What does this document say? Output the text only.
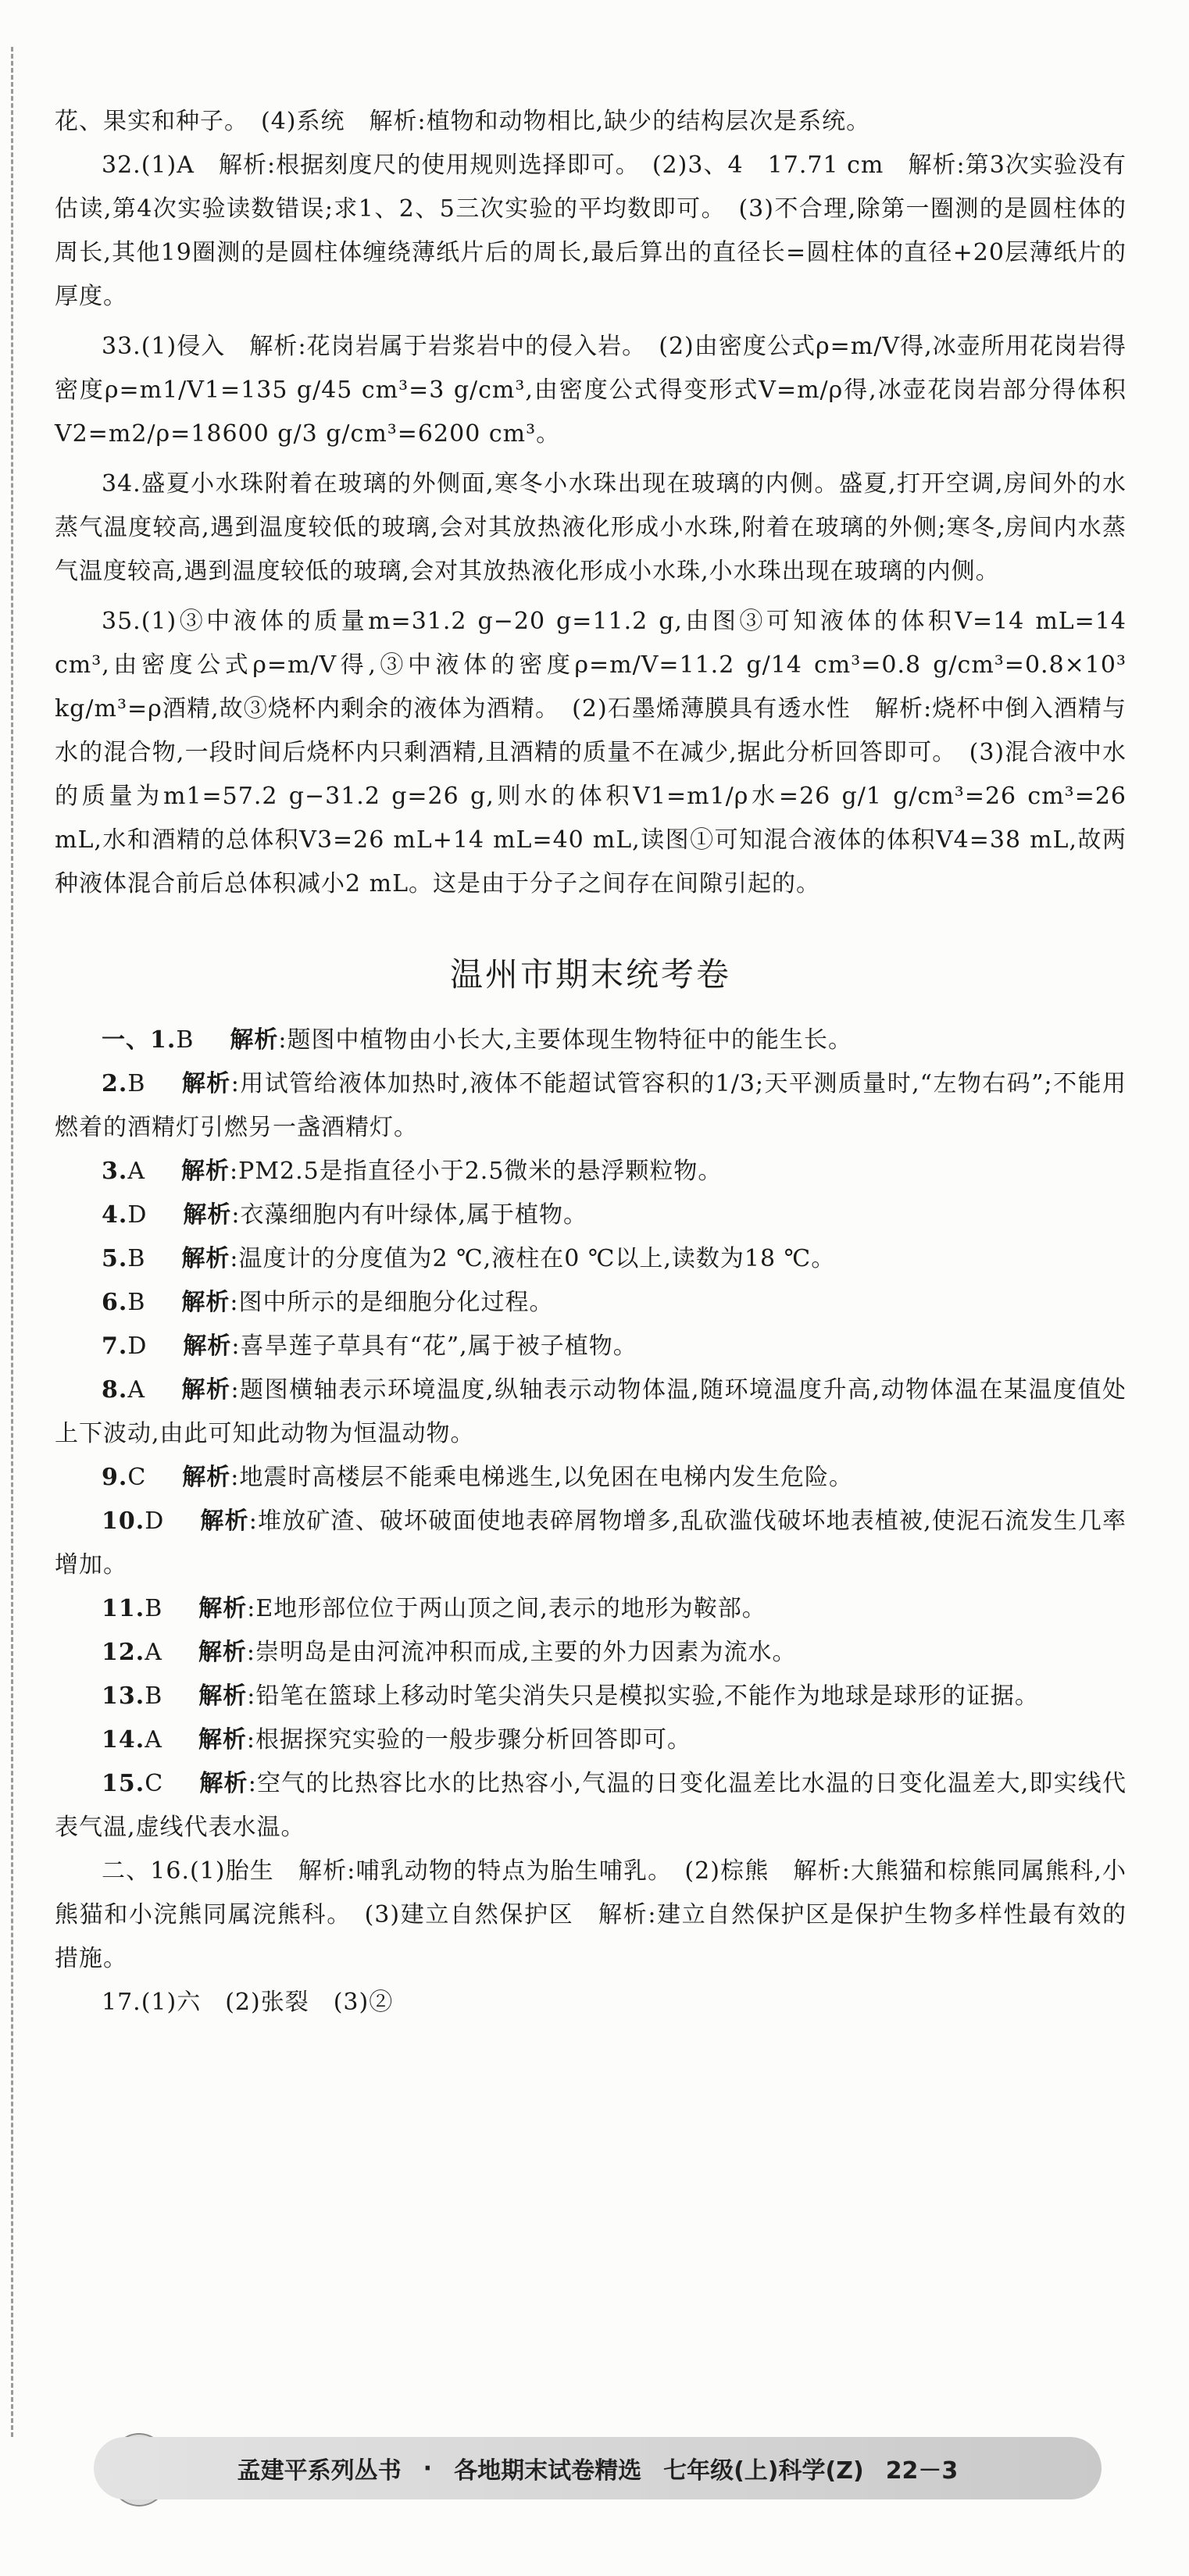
花、果实和种子。　(4)系统　解析:植物和动物相比,缺少的结构层次是系统。

32.(1)A　解析:根据刻度尺的使用规则选择即可。　(2)3、4　17.71 cm　解析:第3次实验没有估读,第4次实验读数错误;求1、2、5三次实验的平均数即可。　(3)不合理,除第一圈测的是圆柱体的周长,其他19圈测的是圆柱体缠绕薄纸片后的周长,最后算出的直径长=圆柱体的直径+20层薄纸片的厚度。

33.(1)侵入　解析:花岗岩属于岩浆岩中的侵入岩。　(2)由密度公式ρ=m/V得,冰壶所用花岗岩得密度ρ=m1/V1=135 g/45 cm³=3 g/cm³,由密度公式得变形式V=m/ρ得,冰壶花岗岩部分得体积V2=m2/ρ=18600 g/3 g/cm³=6200 cm³。

34.盛夏小水珠附着在玻璃的外侧面,寒冬小水珠出现在玻璃的内侧。盛夏,打开空调,房间外的水蒸气温度较高,遇到温度较低的玻璃,会对其放热液化形成小水珠,附着在玻璃的外侧;寒冬,房间内水蒸气温度较高,遇到温度较低的玻璃,会对其放热液化形成小水珠,小水珠出现在玻璃的内侧。

35.(1)③中液体的质量m=31.2 g−20 g=11.2 g,由图③可知液体的体积V=14 mL=14 cm³,由密度公式ρ=m/V得,③中液体的密度ρ=m/V=11.2 g/14 cm³=0.8 g/cm³=0.8×10³ kg/m³=ρ酒精,故③烧杯内剩余的液体为酒精。　(2)石墨烯薄膜具有透水性　解析:烧杯中倒入酒精与水的混合物,一段时间后烧杯内只剩酒精,且酒精的质量不在减少,据此分析回答即可。　(3)混合液中水的质量为m1=57.2 g−31.2 g=26 g,则水的体积V1=m1/ρ水=26 g/1 g/cm³=26 cm³=26 mL,水和酒精的总体积V3=26 mL+14 mL=40 mL,读图①可知混合液体的体积V4=38 mL,故两种液体混合前后总体积减小2 mL。这是由于分子之间存在间隙引起的。

温州市期末统考卷

一、1.B 解析:题图中植物由小长大,主要体现生物特征中的能生长。

2.B 解析:用试管给液体加热时,液体不能超试管容积的1/3;天平测质量时,“左物右码”;不能用燃着的酒精灯引燃另一盏酒精灯。

3.A 解析:PM2.5是指直径小于2.5微米的悬浮颗粒物。

4.D 解析:衣藻细胞内有叶绿体,属于植物。

5.B 解析:温度计的分度值为2 ℃,液柱在0 ℃以上,读数为18 ℃。

6.B 解析:图中所示的是细胞分化过程。

7.D 解析:喜旱莲子草具有“花”,属于被子植物。

8.A 解析:题图横轴表示环境温度,纵轴表示动物体温,随环境温度升高,动物体温在某温度值处上下波动,由此可知此动物为恒温动物。

9.C 解析:地震时高楼层不能乘电梯逃生,以免困在电梯内发生危险。

10.D 解析:堆放矿渣、破坏破面使地表碎屑物增多,乱砍滥伐破坏地表植被,使泥石流发生几率增加。

11.B 解析:E地形部位位于两山顶之间,表示的地形为鞍部。

12.A 解析:崇明岛是由河流冲积而成,主要的外力因素为流水。

13.B 解析:铅笔在篮球上移动时笔尖消失只是模拟实验,不能作为地球是球形的证据。

14.A 解析:根据探究实验的一般步骤分析回答即可。

15.C 解析:空气的比热容比水的比热容小,气温的日变化温差比水温的日变化温差大,即实线代表气温,虚线代表水温。

二、16.(1)胎生　解析:哺乳动物的特点为胎生哺乳。　(2)棕熊　解析:大熊猫和棕熊同属熊科,小熊猫和小浣熊同属浣熊科。　(3)建立自然保护区　解析:建立自然保护区是保护生物多样性最有效的措施。

17.(1)六　(2)张裂　(3)②

孟建平系列丛书 · 各地期末试卷精选 七年级(上)科学(Z) 22－3
